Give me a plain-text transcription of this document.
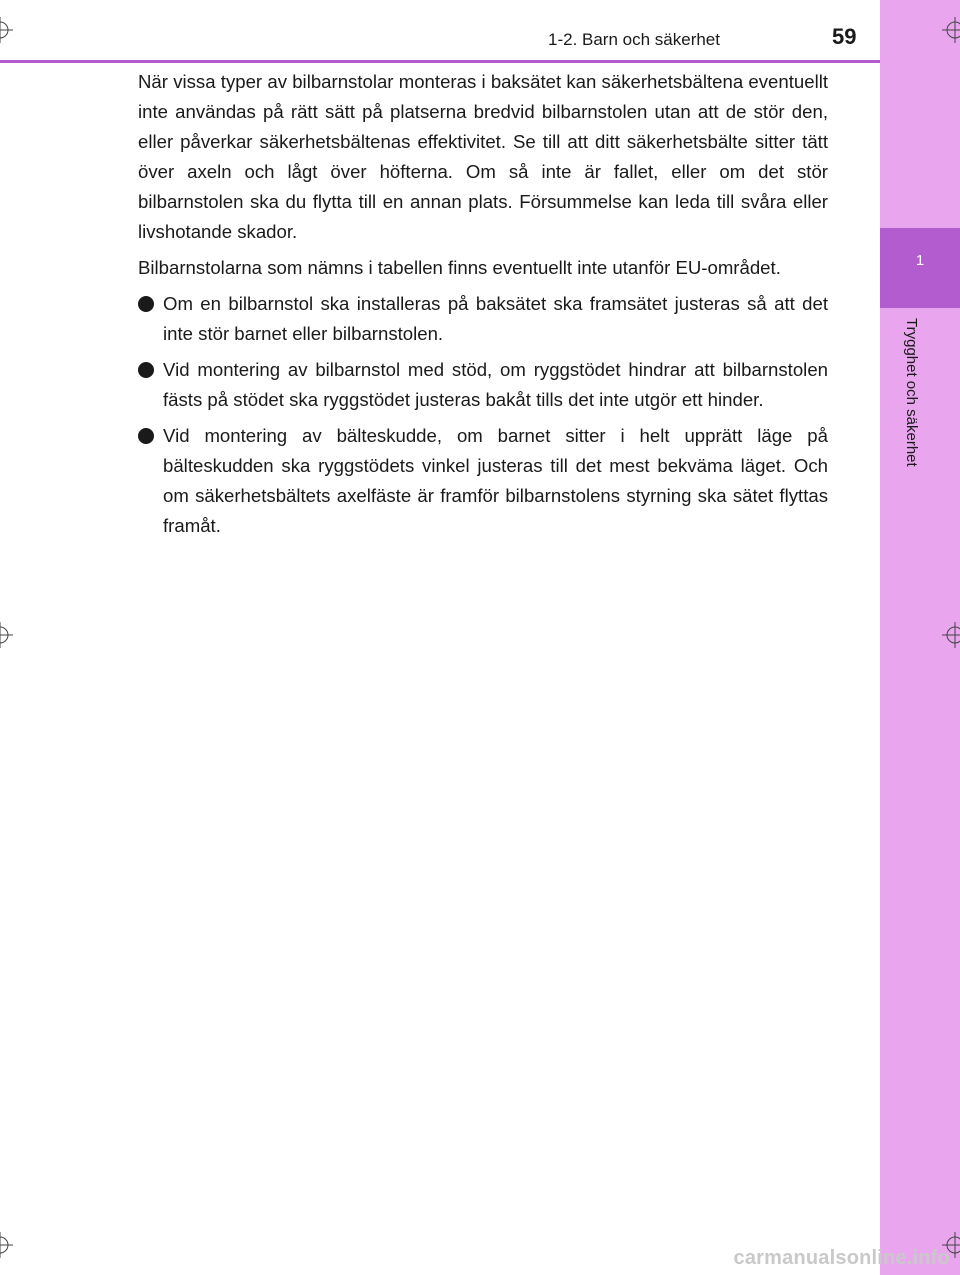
1
Trygghet och säkerhet
1-2. Barn och säkerhet	59

När vissa typer av bilbarnstolar monteras i baksätet kan säkerhetsbältena eventuellt inte användas på rätt sätt på platserna bredvid bilbarnstolen utan att de stör den, eller påverkar säkerhetsbältenas effektivitet. Se till att ditt säkerhetsbälte sitter tätt över axeln och lågt över höfterna. Om så inte är fallet, eller om det stör bilbarnstolen ska du flytta till en annan plats. Försummelse kan leda till svåra eller livshotande skador.

Bilbarnstolarna som nämns i tabellen finns eventuellt inte utanför EU-området.

Om en bilbarnstol ska installeras på baksätet ska framsätet justeras så att det inte stör barnet eller bilbarnstolen.
Vid montering av bilbarnstol med stöd, om ryggstödet hindrar att bilbarnstolen fästs på stödet ska ryggstödet justeras bakåt tills det inte utgör ett hinder.
Vid montering av bälteskudde, om barnet sitter i helt upprätt läge på bälteskudden ska ryggstödets vinkel justeras till det mest bekväma läget. Och om säkerhetsbältets axelfäste är framför bilbarnstolens styrning ska sätet flyttas framåt.
carmanualsonline.info
